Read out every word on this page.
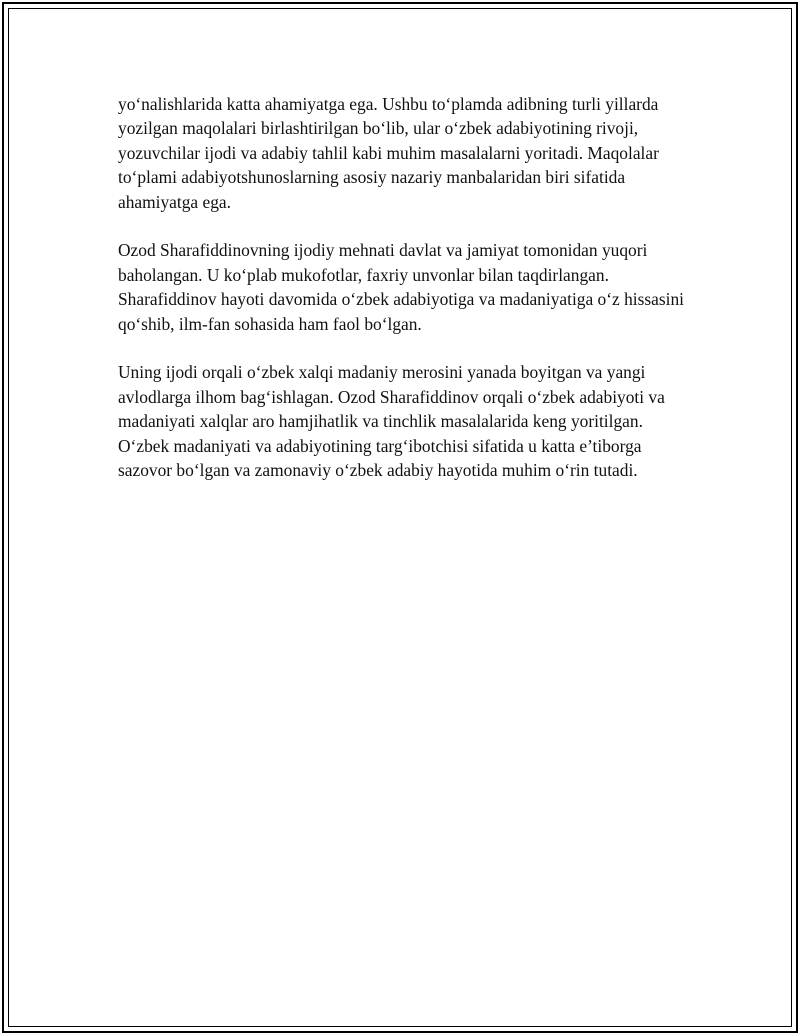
yo‘nalishlarida katta ahamiyatga ega. Ushbu to‘plamda adibning turli yillarda yozilgan maqolalari birlashtirilgan bo‘lib, ular o‘zbek adabiyotining rivoji, yozuvchilar ijodi va adabiy tahlil kabi muhim masalalarni yoritadi. Maqolalar to‘plami adabiyotshunoslarning asosiy nazariy manbalaridan biri sifatida ahamiyatga ega.

Ozod Sharafiddinovning ijodiy mehnati davlat va jamiyat tomonidan yuqori baholangan. U ko‘plab mukofotlar, faxriy unvonlar bilan taqdirlangan. Sharafiddinov hayoti davomida o‘zbek adabiyotiga va madaniyatiga o‘z hissasini qo‘shib, ilm-fan sohasida ham faol bo‘lgan.

Uning ijodi orqali o‘zbek xalqi madaniy merosini yanada boyitgan va yangi avlodlarga ilhom bag‘ishlagan. Ozod Sharafiddinov orqali o‘zbek adabiyoti va madaniyati xalqlar aro hamjihatlik va tinchlik masalalarida keng yoritilgan. O‘zbek madaniyati va adabiyotining targ‘ibotchisi sifatida u katta e’tiborga sazovor bo‘lgan va zamonaviy o‘zbek adabiy hayotida muhim o‘rin tutadi.
